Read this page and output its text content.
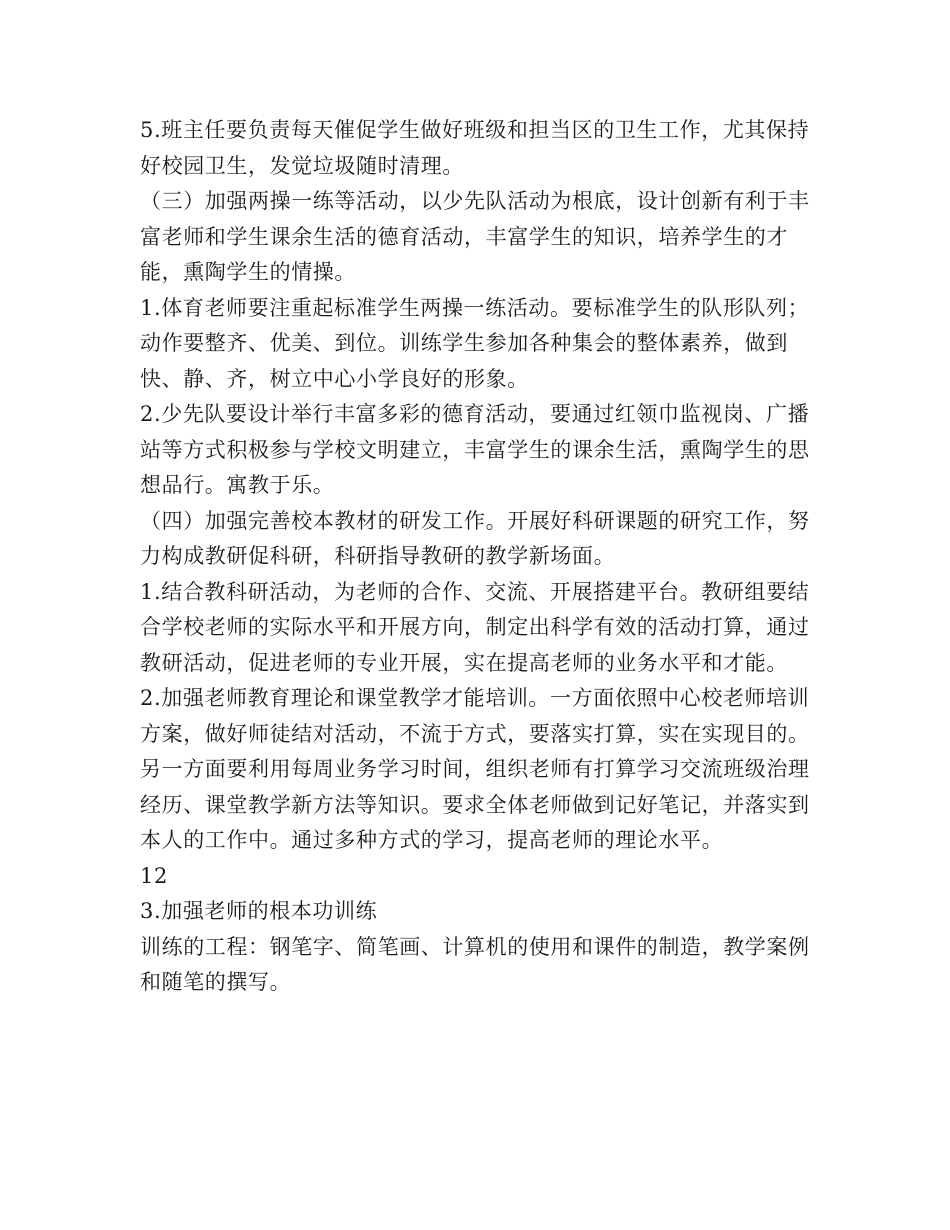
5.班主任要负责每天催促学生做好班级和担当区的卫生工作，尤其保持好校园卫生，发觉垃圾随时清理。

（三）加强两操一练等活动，以少先队活动为根底，设计创新有利于丰富老师和学生课余生活的德育活动，丰富学生的知识，培养学生的才能，熏陶学生的情操。

1.体育老师要注重起标准学生两操一练活动。要标准学生的队形队列；动作要整齐、优美、到位。训练学生参加各种集会的整体素养，做到快、静、齐，树立中心小学良好的形象。

2.少先队要设计举行丰富多彩的德育活动，要通过红领巾监视岗、广播站等方式积极参与学校文明建立，丰富学生的课余生活，熏陶学生的思想品行。寓教于乐。

（四）加强完善校本教材的研发工作。开展好科研课题的研究工作，努力构成教研促科研，科研指导教研的教学新场面。

1.结合教科研活动，为老师的合作、交流、开展搭建平台。教研组要结合学校老师的实际水平和开展方向，制定出科学有效的活动打算，通过教研活动，促进老师的专业开展，实在提高老师的业务水平和才能。

2.加强老师教育理论和课堂教学才能培训。一方面依照中心校老师培训方案，做好师徒结对活动，不流于方式，要落实打算，实在实现目的。另一方面要利用每周业务学习时间，组织老师有打算学习交流班级治理经历、课堂教学新方法等知识。要求全体老师做到记好笔记，并落实到本人的工作中。通过多种方式的学习，提高老师的理论水平。

12

3.加强老师的根本功训练

训练的工程：钢笔字、简笔画、计算机的使用和课件的制造，教学案例和随笔的撰写。
